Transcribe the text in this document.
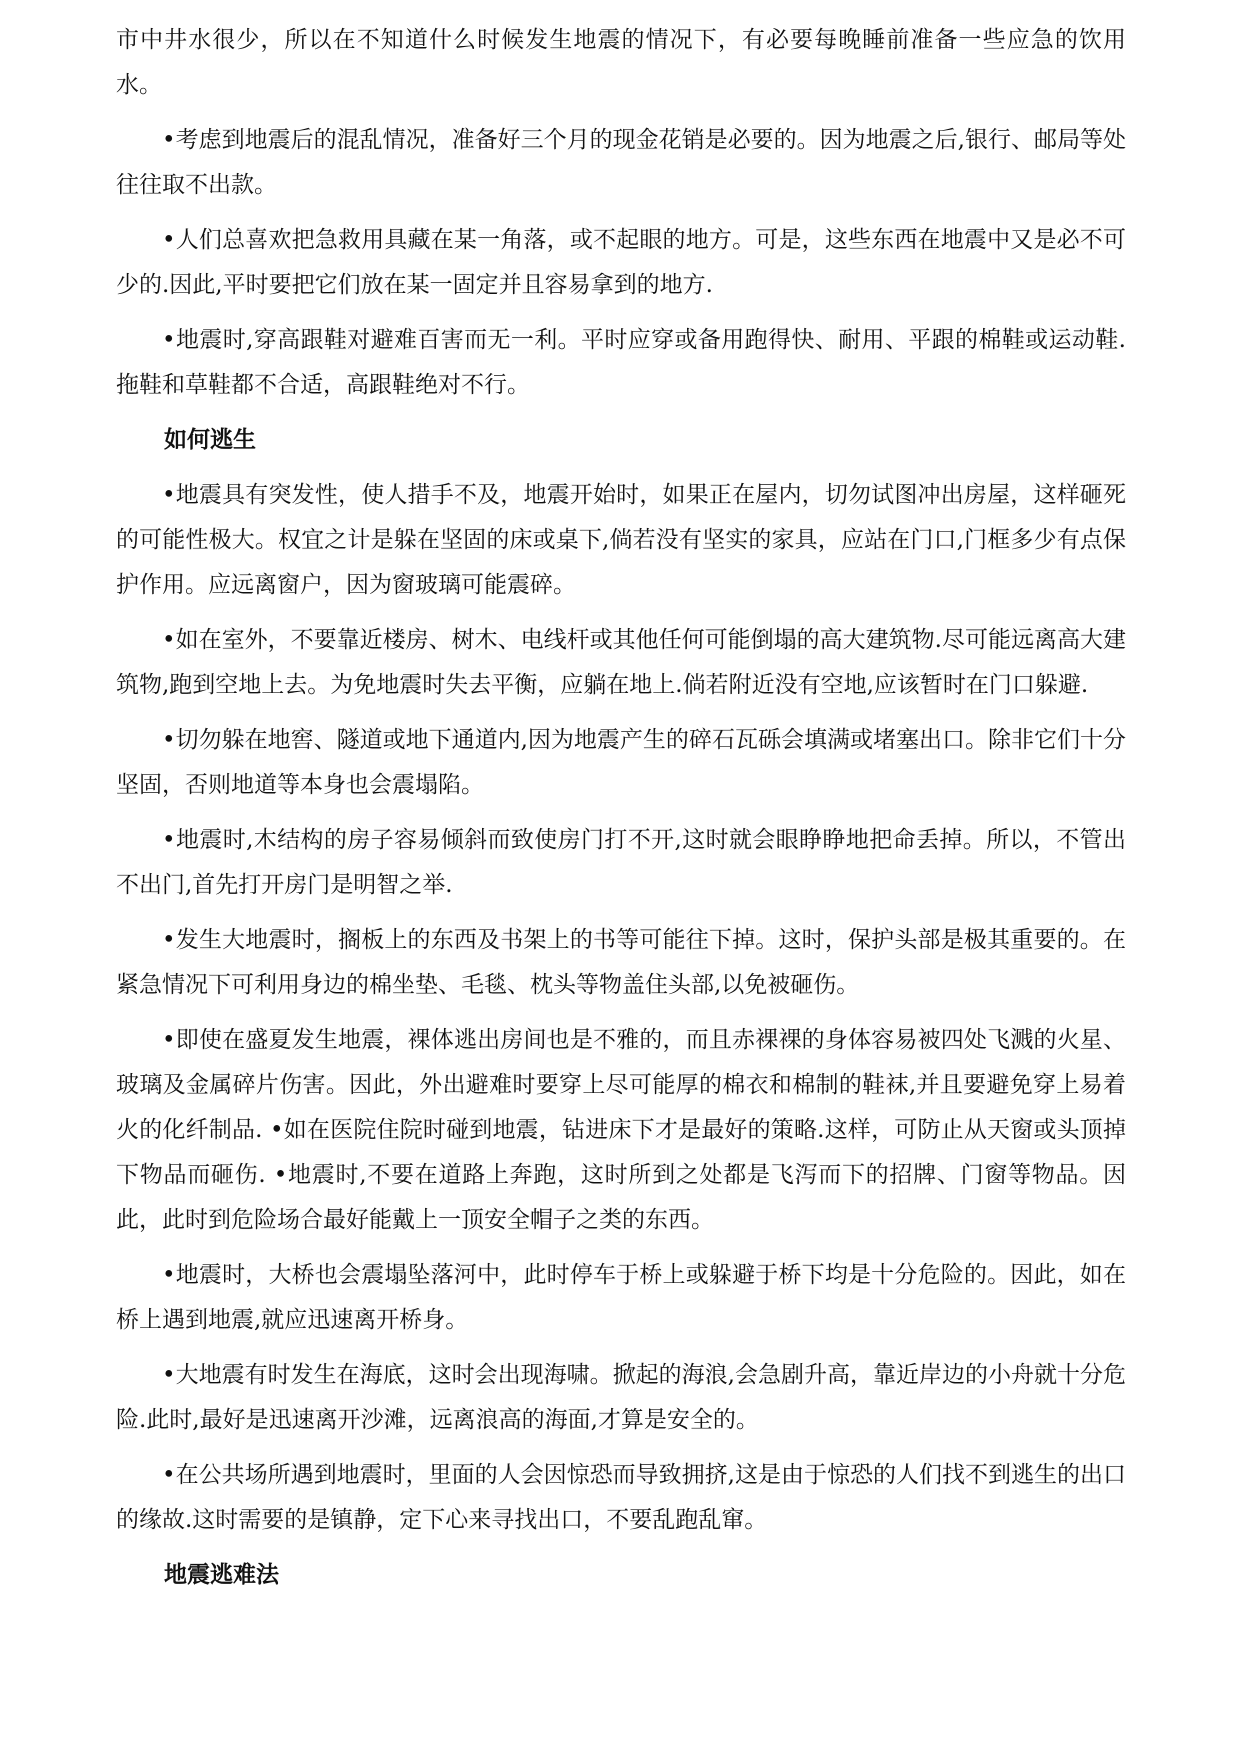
市中井水很少，所以在不知道什么时候发生地震的情况下，有必要每晚睡前准备一些应急的饮用水。

•考虑到地震后的混乱情况，准备好三个月的现金花销是必要的。因为地震之后,银行、邮局等处往往取不出款。

•人们总喜欢把急救用具藏在某一角落，或不起眼的地方。可是，这些东西在地震中又是必不可少的.因此,平时要把它们放在某一固定并且容易拿到的地方.

•地震时,穿高跟鞋对避难百害而无一利。平时应穿或备用跑得快、耐用、平跟的棉鞋或运动鞋.拖鞋和草鞋都不合适，高跟鞋绝对不行。

如何逃生

•地震具有突发性，使人措手不及，地震开始时，如果正在屋内，切勿试图冲出房屋，这样砸死的可能性极大。权宜之计是躲在坚固的床或桌下,倘若没有坚实的家具，应站在门口,门框多少有点保护作用。应远离窗户，因为窗玻璃可能震碎。

•如在室外，不要靠近楼房、树木、电线杆或其他任何可能倒塌的高大建筑物.尽可能远离高大建筑物,跑到空地上去。为免地震时失去平衡，应躺在地上.倘若附近没有空地,应该暂时在门口躲避.

•切勿躲在地窖、隧道或地下通道内,因为地震产生的碎石瓦砾会填满或堵塞出口。除非它们十分坚固，否则地道等本身也会震塌陷。

•地震时,木结构的房子容易倾斜而致使房门打不开,这时就会眼睁睁地把命丢掉。所以，不管出不出门,首先打开房门是明智之举.

•发生大地震时，搁板上的东西及书架上的书等可能往下掉。这时，保护头部是极其重要的。在紧急情况下可利用身边的棉坐垫、毛毯、枕头等物盖住头部,以免被砸伤。

•即使在盛夏发生地震，裸体逃出房间也是不雅的，而且赤裸裸的身体容易被四处飞溅的火星、玻璃及金属碎片伤害。因此，外出避难时要穿上尽可能厚的棉衣和棉制的鞋袜,并且要避免穿上易着火的化纤制品. •如在医院住院时碰到地震，钻进床下才是最好的策略.这样，可防止从天窗或头顶掉下物品而砸伤. •地震时,不要在道路上奔跑，这时所到之处都是飞泻而下的招牌、门窗等物品。因此，此时到危险场合最好能戴上一顶安全帽子之类的东西。

•地震时，大桥也会震塌坠落河中，此时停车于桥上或躲避于桥下均是十分危险的。因此，如在桥上遇到地震,就应迅速离开桥身。

•大地震有时发生在海底，这时会出现海啸。掀起的海浪,会急剧升高，靠近岸边的小舟就十分危险.此时,最好是迅速离开沙滩，远离浪高的海面,才算是安全的。

•在公共场所遇到地震时，里面的人会因惊恐而导致拥挤,这是由于惊恐的人们找不到逃生的出口的缘故.这时需要的是镇静，定下心来寻找出口，不要乱跑乱窜。

地震逃难法
